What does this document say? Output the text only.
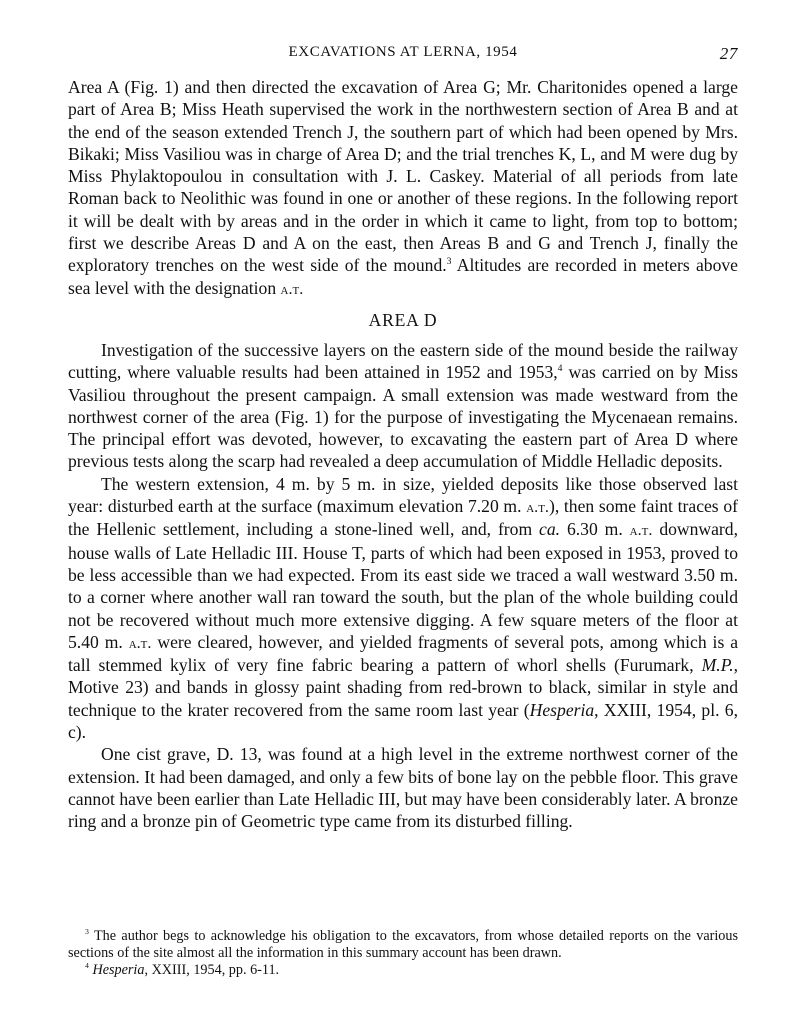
EXCAVATIONS AT LERNA, 1954	27

Area A (Fig. 1) and then directed the excavation of Area G; Mr. Charitonides opened a large part of Area B; Miss Heath supervised the work in the northwestern section of Area B and at the end of the season extended Trench J, the southern part of which had been opened by Mrs. Bikaki; Miss Vasiliou was in charge of Area D; and the trial trenches K, L, and M were dug by Miss Phylaktopoulou in consultation with J. L. Caskey. Material of all periods from late Roman back to Neolithic was found in one or another of these regions. In the following report it will be dealt with by areas and in the order in which it came to light, from top to bottom; first we describe Areas D and A on the east, then Areas B and G and Trench J, finally the exploratory trenches on the west side of the mound.$^3$ Altitudes are recorded in meters above sea level with the designation a.t.

AREA D

Investigation of the successive layers on the eastern side of the mound beside the railway cutting, where valuable results had been attained in 1952 and 1953,$^4$ was carried on by Miss Vasiliou throughout the present campaign. A small extension was made westward from the northwest corner of the area (Fig. 1) for the purpose of investigating the Mycenaean remains. The principal effort was devoted, however, to excavating the eastern part of Area D where previous tests along the scarp had revealed a deep accumulation of Middle Helladic deposits.

The western extension, 4 m. by 5 m. in size, yielded deposits like those observed last year: disturbed earth at the surface (maximum elevation 7.20 m. a.t.), then some faint traces of the Hellenic settlement, including a stone-lined well, and, from ca. 6.30 m. a.t. downward, house walls of Late Helladic III. House T, parts of which had been exposed in 1953, proved to be less accessible than we had expected. From its east side we traced a wall westward 3.50 m. to a corner where another wall ran toward the south, but the plan of the whole building could not be recovered without much more extensive digging. A few square meters of the floor at 5.40 m. a.t. were cleared, however, and yielded fragments of several pots, among which is a tall stemmed kylix of very fine fabric bearing a pattern of whorl shells (Furumark, M.P., Motive 23) and bands in glossy paint shading from red-brown to black, similar in style and technique to the krater recovered from the same room last year (Hesperia, XXIII, 1954, pl. 6, c).

One cist grave, D. 13, was found at a high level in the extreme northwest corner of the extension. It had been damaged, and only a few bits of bone lay on the pebble floor. This grave cannot have been earlier than Late Helladic III, but may have been considerably later. A bronze ring and a bronze pin of Geometric type came from its disturbed filling.

$^3$ The author begs to acknowledge his obligation to the excavators, from whose detailed reports on the various sections of the site almost all the information in this summary account has been drawn.

$^4$ Hesperia, XXIII, 1954, pp. 6-11.
